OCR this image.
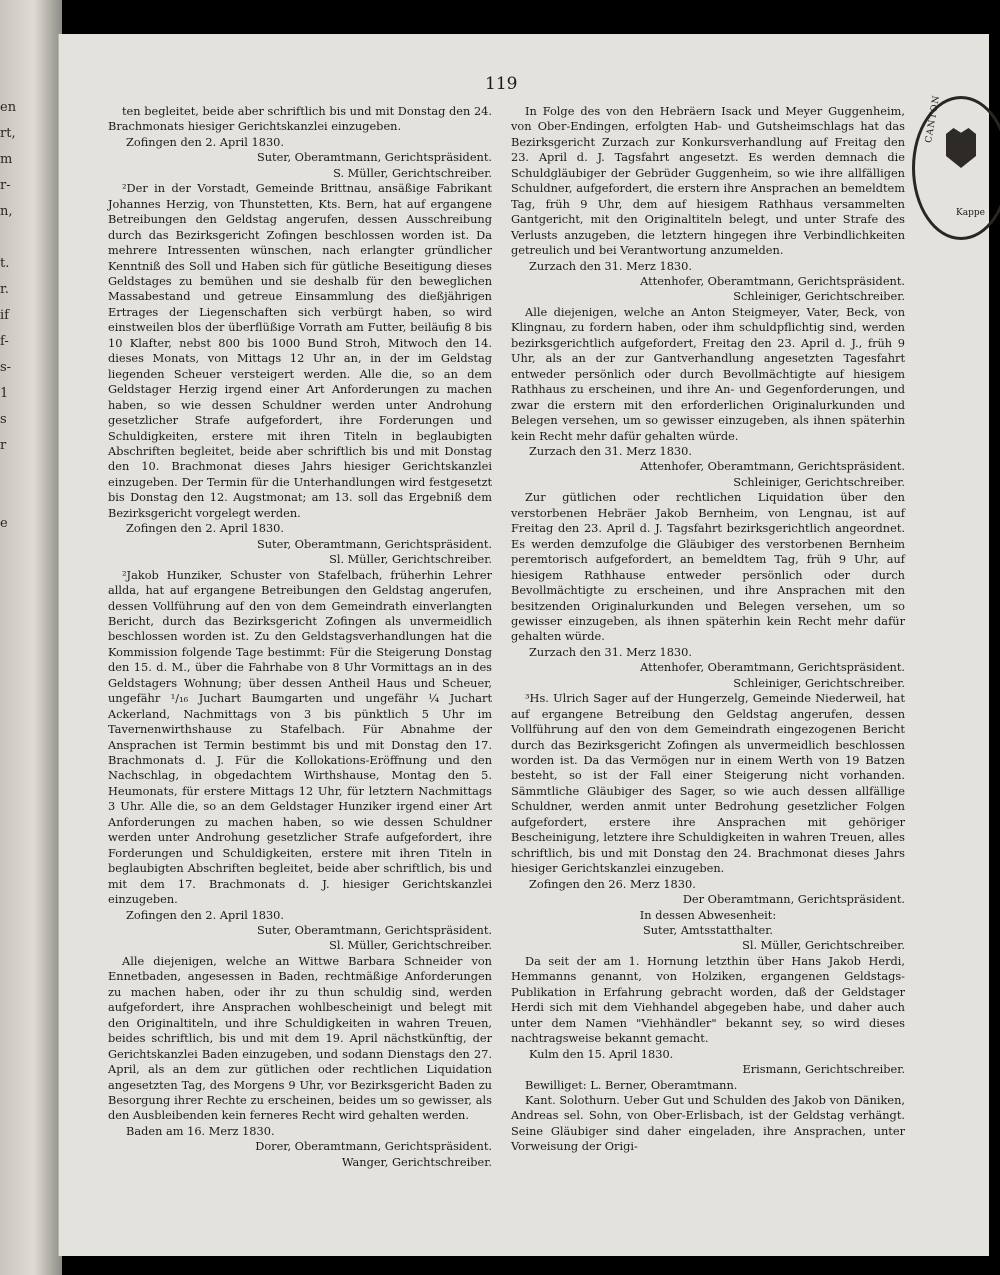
en
rt,
m
r-
n,

t.
r.
if
f-
s-
1
s
r

e
119
CANTON
Kappe

ten begleitet, beide aber schriftlich bis und mit Donstag den 24. Brachmonats hiesiger Gerichtskanzlei einzugeben.

Zofingen den 2. April 1830.

Suter, Oberamtmann, Gerichtspräsident.

S. Müller, Gerichtschreiber.

²Der in der Vorstadt, Gemeinde Brittnau, ansäßige Fabrikant Johannes Herzig, von Thunstetten, Kts. Bern, hat auf ergangene Betreibungen den Geldstag angerufen, dessen Ausschreibung durch das Bezirksgericht Zofingen beschlossen worden ist. Da mehrere Intressenten wünschen, nach erlangter gründlicher Kenntniß des Soll und Haben sich für gütliche Beseitigung dieses Geldstages zu bemühen und sie deshalb für den beweglichen Massabestand und getreue Einsammlung des dießjährigen Ertrages der Liegenschaften sich verbürgt haben, so wird einstweilen blos der überflüßige Vorrath am Futter, beiläufig 8 bis 10 Klafter, nebst 800 bis 1000 Bund Stroh, Mitwoch den 14. dieses Monats, von Mittags 12 Uhr an, in der im Geldstag liegenden Scheuer versteigert werden. Alle die, so an dem Geldstager Herzig irgend einer Art Anforderungen zu machen haben, so wie dessen Schuldner werden unter Androhung gesetzlicher Strafe aufgefordert, ihre Forderungen und Schuldigkeiten, erstere mit ihren Titeln in beglaubigten Abschriften begleitet, beide aber schriftlich bis und mit Donstag den 10. Brachmonat dieses Jahrs hiesiger Gerichtskanzlei einzugeben. Der Termin für die Unterhandlungen wird festgesetzt bis Donstag den 12. Augstmonat; am 13. soll das Ergebniß dem Bezirksgericht vorgelegt werden.

Zofingen den 2. April 1830.

Suter, Oberamtmann, Gerichtspräsident.

Sl. Müller, Gerichtschreiber.

²Jakob Hunziker, Schuster von Stafelbach, früherhin Lehrer allda, hat auf ergangene Betreibungen den Geldstag angerufen, dessen Vollführung auf den von dem Gemeindrath einverlangten Bericht, durch das Bezirksgericht Zofingen als unvermeidlich beschlossen worden ist. Zu den Geldstagsverhandlungen hat die Kommission folgende Tage bestimmt: Für die Steigerung Donstag den 15. d. M., über die Fahrhabe von 8 Uhr Vormittags an in des Geldstagers Wohnung; über dessen Antheil Haus und Scheuer, ungefähr ¹/₁₆ Juchart Baumgarten und ungefähr ¼ Juchart Ackerland, Nachmittags von 3 bis pünktlich 5 Uhr im Tavernenwirthshause zu Stafelbach. Für Abnahme der Ansprachen ist Termin bestimmt bis und mit Donstag den 17. Brachmonats d. J. Für die Kollokations-Eröffnung und den Nachschlag, in obgedachtem Wirthshause, Montag den 5. Heumonats, für erstere Mittags 12 Uhr, für letztern Nachmittags 3 Uhr. Alle die, so an dem Geldstager Hunziker irgend einer Art Anforderungen zu machen haben, so wie dessen Schuldner werden unter Androhung gesetzlicher Strafe aufgefordert, ihre Forderungen und Schuldigkeiten, erstere mit ihren Titeln in beglaubigten Abschriften begleitet, beide aber schriftlich, bis und mit dem 17. Brachmonats d. J. hiesiger Gerichtskanzlei einzugeben.

Zofingen den 2. April 1830.

Suter, Oberamtmann, Gerichtspräsident.

Sl. Müller, Gerichtschreiber.

Alle diejenigen, welche an Wittwe Barbara Schneider von Ennetbaden, angesessen in Baden, rechtmäßige Anforderungen zu machen haben, oder ihr zu thun schuldig sind, werden aufgefordert, ihre Ansprachen wohlbescheinigt und belegt mit den Originaltiteln, und ihre Schuldigkeiten in wahren Treuen, beides schriftlich, bis und mit dem 19. April nächstkünftig, der Gerichtskanzlei Baden einzugeben, und sodann Dienstags den 27. April, als an dem zur gütlichen oder rechtlichen Liquidation angesetzten Tag, des Morgens 9 Uhr, vor Bezirksgericht Baden zu Besorgung ihrer Rechte zu erscheinen, beides um so gewisser, als den Ausbleibenden kein ferneres Recht wird gehalten werden.

Baden am 16. Merz 1830.

Dorer, Oberamtmann, Gerichtspräsident.

Wanger, Gerichtschreiber.

In Folge des von den Hebräern Isack und Meyer Guggenheim, von Ober-Endingen, erfolgten Hab- und Gutsheimschlags hat das Bezirksgericht Zurzach zur Konkursverhandlung auf Freitag den 23. April d. J. Tagsfahrt angesetzt. Es werden demnach die Schuldgläubiger der Gebrüder Guggenheim, so wie ihre allfälligen Schuldner, aufgefordert, die erstern ihre Ansprachen an bemeldtem Tag, früh 9 Uhr, dem auf hiesigem Rathhaus versammelten Gantgericht, mit den Originaltiteln belegt, und unter Strafe des Verlusts anzugeben, die letztern hingegen ihre Verbindlichkeiten getreulich und bei Verantwortung anzumelden.

Zurzach den 31. Merz 1830.

Attenhofer, Oberamtmann, Gerichtspräsident.

Schleiniger, Gerichtschreiber.

Alle diejenigen, welche an Anton Steigmeyer, Vater, Beck, von Klingnau, zu fordern haben, oder ihm schuldpflichtig sind, werden bezirksgerichtlich aufgefordert, Freitag den 23. April d. J., früh 9 Uhr, als an der zur Gantverhandlung angesetzten Tagesfahrt entweder persönlich oder durch Bevollmächtigte auf hiesigem Rathhaus zu erscheinen, und ihre An- und Gegenforderungen, und zwar die erstern mit den erforderlichen Originalurkunden und Belegen versehen, um so gewisser einzugeben, als ihnen späterhin kein Recht mehr dafür gehalten würde.

Zurzach den 31. Merz 1830.

Attenhofer, Oberamtmann, Gerichtspräsident.

Schleiniger, Gerichtschreiber.

Zur gütlichen oder rechtlichen Liquidation über den verstorbenen Hebräer Jakob Bernheim, von Lengnau, ist auf Freitag den 23. April d. J. Tagsfahrt bezirksgerichtlich angeordnet. Es werden demzufolge die Gläubiger des verstorbenen Bernheim peremtorisch aufgefordert, an bemeldtem Tag, früh 9 Uhr, auf hiesigem Rathhause entweder persönlich oder durch Bevollmächtigte zu erscheinen, und ihre Ansprachen mit den besitzenden Originalurkunden und Belegen versehen, um so gewisser einzugeben, als ihnen späterhin kein Recht mehr dafür gehalten würde.

Zurzach den 31. Merz 1830.

Attenhofer, Oberamtmann, Gerichtspräsident.

Schleiniger, Gerichtschreiber.

³Hs. Ulrich Sager auf der Hungerzelg, Gemeinde Niederweil, hat auf ergangene Betreibung den Geldstag angerufen, dessen Vollführung auf den von dem Gemeindrath eingezogenen Bericht durch das Bezirksgericht Zofingen als unvermeidlich beschlossen worden ist. Da das Vermögen nur in einem Werth von 19 Batzen besteht, so ist der Fall einer Steigerung nicht vorhanden. Sämmtliche Gläubiger des Sager, so wie auch dessen allfällige Schuldner, werden anmit unter Bedrohung gesetzlicher Folgen aufgefordert, erstere ihre Ansprachen mit gehöriger Bescheinigung, letztere ihre Schuldigkeiten in wahren Treuen, alles schriftlich, bis und mit Donstag den 24. Brachmonat dieses Jahrs hiesiger Gerichtskanzlei einzugeben.

Zofingen den 26. Merz 1830.

Der Oberamtmann, Gerichtspräsident.

In dessen Abwesenheit:

Suter, Amtsstatthalter.

Sl. Müller, Gerichtschreiber.

Da seit der am 1. Hornung letzthin über Hans Jakob Herdi, Hemmanns genannt, von Holziken, ergangenen Geldstags-Publikation in Erfahrung gebracht worden, daß der Geldstager Herdi sich mit dem Viehhandel abgegeben habe, und daher auch unter dem Namen "Viehhändler" bekannt sey, so wird dieses nachtragsweise bekannt gemacht.

Kulm den 15. April 1830.

Erismann, Gerichtschreiber.

Bewilliget: L. Berner, Oberamtmann.

Kant. Solothurn. Ueber Gut und Schulden des Jakob von Däniken, Andreas sel. Sohn, von Ober-Erlisbach, ist der Geldstag verhängt. Seine Gläubiger sind daher eingeladen, ihre Ansprachen, unter Vorweisung der Origi-
